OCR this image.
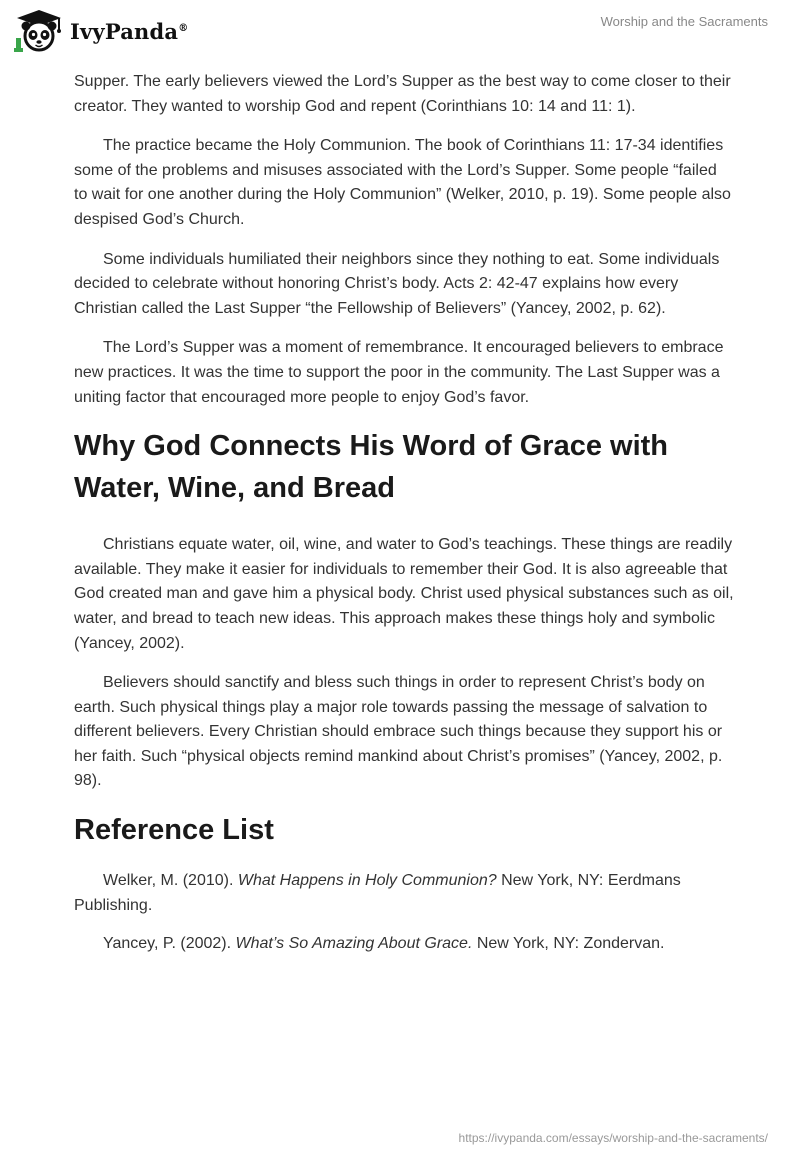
IvyPanda®	Worship and the Sacraments

Supper. The early believers viewed the Lord’s Supper as the best way to come closer to their creator. They wanted to worship God and repent (Corinthians 10: 14 and 11: 1).

The practice became the Holy Communion. The book of Corinthians 11: 17-34 identifies some of the problems and misuses associated with the Lord’s Supper. Some people “failed to wait for one another during the Holy Communion” (Welker, 2010, p. 19). Some people also despised God’s Church.

Some individuals humiliated their neighbors since they nothing to eat. Some individuals decided to celebrate without honoring Christ’s body. Acts 2: 42-47 explains how every Christian called the Last Supper “the Fellowship of Believers” (Yancey, 2002, p. 62).

The Lord’s Supper was a moment of remembrance. It encouraged believers to embrace new practices. It was the time to support the poor in the community. The Last Supper was a uniting factor that encouraged more people to enjoy God’s favor.

Why God Connects His Word of Grace with Water, Wine, and Bread

Christians equate water, oil, wine, and water to God’s teachings. These things are readily available. They make it easier for individuals to remember their God. It is also agreeable that God created man and gave him a physical body. Christ used physical substances such as oil, water, and bread to teach new ideas. This approach makes these things holy and symbolic (Yancey, 2002).

Believers should sanctify and bless such things in order to represent Christ’s body on earth. Such physical things play a major role towards passing the message of salvation to different believers. Every Christian should embrace such things because they support his or her faith. Such “physical objects remind mankind about Christ’s promises” (Yancey, 2002, p. 98).

Reference List

Welker, M. (2010). What Happens in Holy Communion? New York, NY: Eerdmans Publishing.

Yancey, P. (2002). What’s So Amazing About Grace. New York, NY: Zondervan.

https://ivypanda.com/essays/worship-and-the-sacraments/
